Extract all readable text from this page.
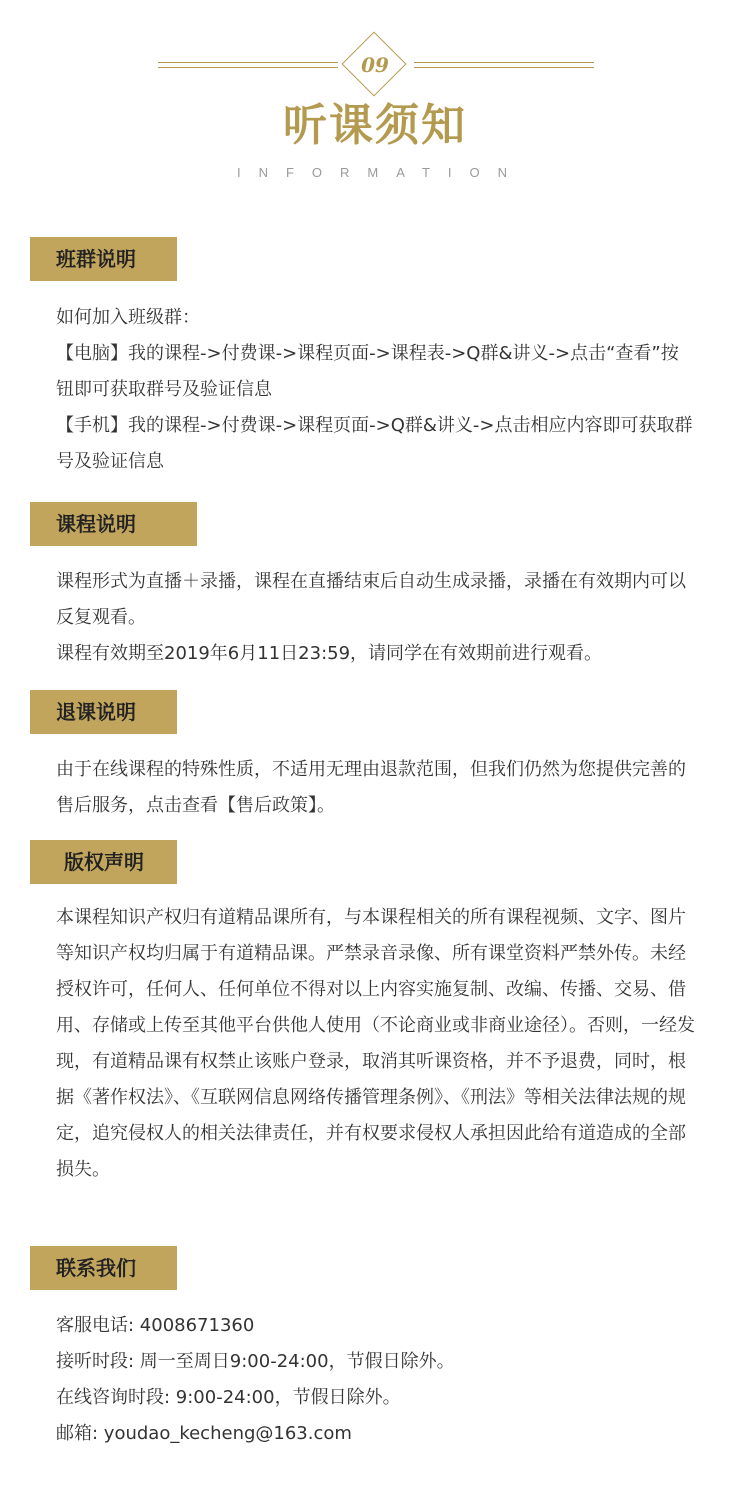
09
听课须知
INFORMATION
班群说明

如何加入班级群：

【电脑】我的课程->付费课->课程页面->课程表->Q群&讲义->点击“查看”按钮即可获取群号及验证信息

【手机】我的课程->付费课->课程页面->Q群&讲义->点击相应内容即可获取群号及验证信息

课程说明

课程形式为直播＋录播，课程在直播结束后自动生成录播，录播在有效期内可以反复观看。

课程有效期至2019年6月11日23:59，请同学在有效期前进行观看。

退课说明

由于在线课程的特殊性质，不适用无理由退款范围，但我们仍然为您提供完善的售后服务，点击查看【售后政策】。

版权声明

本课程知识产权归有道精品课所有，与本课程相关的所有课程视频、文字、图片等知识产权均归属于有道精品课。严禁录音录像、所有课堂资料严禁外传。未经授权许可，任何人、任何单位不得对以上内容实施复制、改编、传播、交易、借用、存储或上传至其他平台供他人使用（不论商业或非商业途径）。否则，一经发现，有道精品课有权禁止该账户登录，取消其听课资格，并不予退费，同时，根据《著作权法》、《互联网信息网络传播管理条例》、《刑法》等相关法律法规的规定，追究侵权人的相关法律责任，并有权要求侵权人承担因此给有道造成的全部损失。

联系我们

客服电话: 4008671360

接听时段: 周一至周日9:00-24:00，节假日除外。

在线咨询时段: 9:00-24:00，节假日除外。

邮箱: youdao_kecheng@163.com
